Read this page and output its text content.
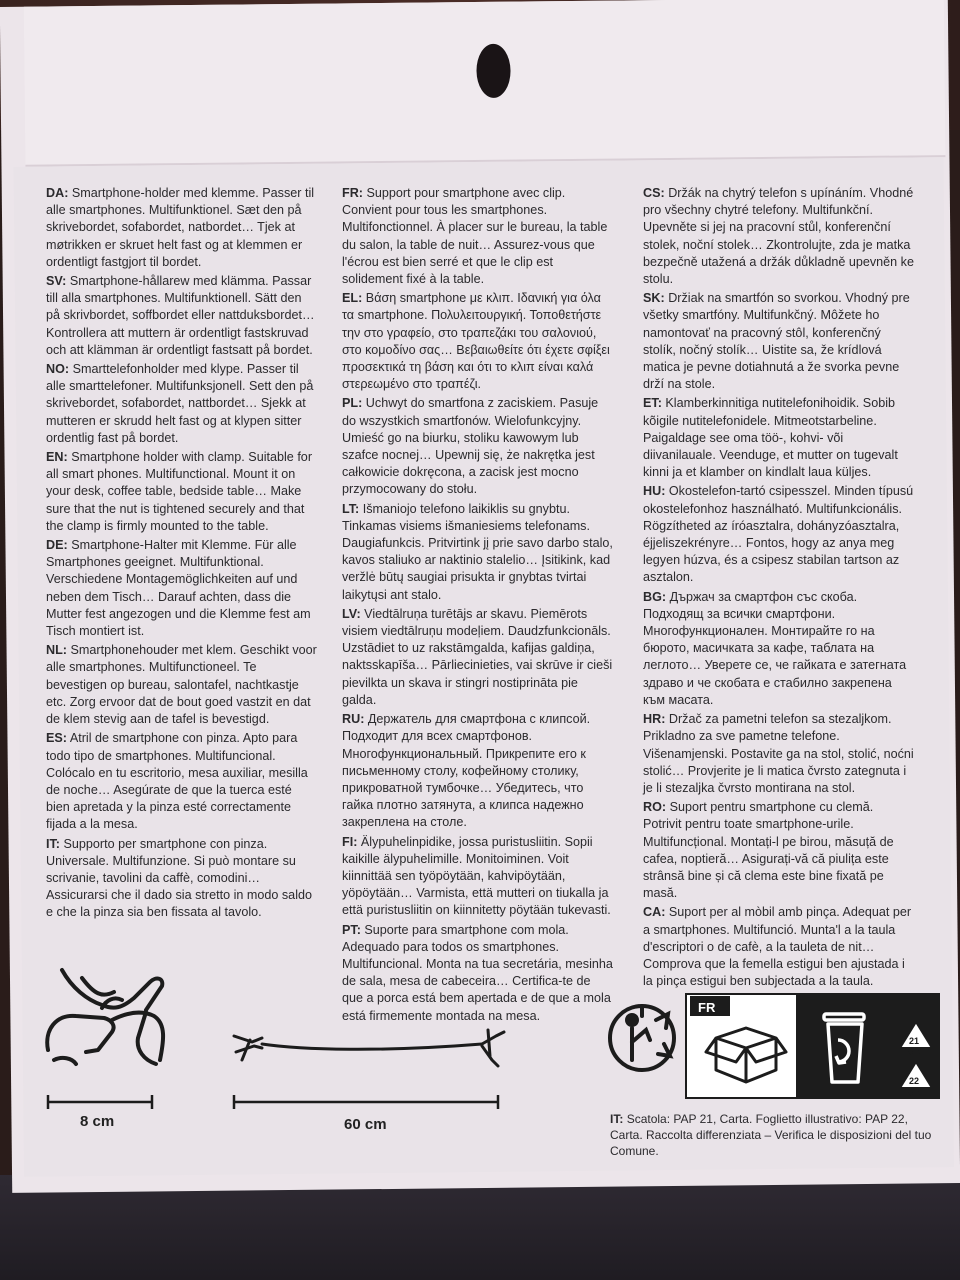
DA: Smartphone-holder med klemme. Passer til alle smartphones. Multifunktionel. Sæt den på skrivebordet, sofabordet, natbordet… Tjek at møtrikken er skruet helt fast og at klemmen er ordentligt fastgjort til bordet.

SV: Smartphone-hållarew med klämma. Passar till alla smartphones. Multifunktionell. Sätt den på skrivbordet, soffbordet eller nattduksbordet… Kontrollera att muttern är ordentligt fastskruvad och att klämman är ordentligt fastsatt på bordet.

NO: Smarttelefonholder med klype. Passer til alle smarttelefoner. Multifunksjonell. Sett den på skrivebordet, sofabordet, nattbordet… Sjekk at mutteren er skrudd helt fast og at klypen sitter ordentlig fast på bordet.

EN: Smartphone holder with clamp. Suitable for all smart phones. Multifunctional. Mount it on your desk, coffee table, bedside table… Make sure that the nut is tightened securely and that the clamp is firmly mounted to the table.

DE: Smartphone-Halter mit Klemme. Für alle Smartphones geeignet. Multifunktional. Verschiedene Montagemöglichkeiten auf und neben dem Tisch… Darauf achten, dass die Mutter fest angezogen und die Klemme fest am Tisch montiert ist.

NL: Smartphonehouder met klem. Geschikt voor alle smartphones. Multifunctioneel. Te bevestigen op bureau, salontafel, nachtkastje etc. Zorg ervoor dat de bout goed vastzit en dat de klem stevig aan de tafel is bevestigd.

ES: Atril de smartphone con pinza. Apto para todo tipo de smartphones. Multifuncional. Colócalo en tu escritorio, mesa auxiliar, mesilla de noche… Asegúrate de que la tuerca esté bien apretada y la pinza esté correctamente fijada a la mesa.

IT: Supporto per smartphone con pinza. Universale. Multifunzione. Si può montare su scrivanie, tavolini da caffè, comodini… Assicurarsi che il dado sia stretto in modo saldo e che la pinza sia ben fissata al tavolo.

FR: Support pour smartphone avec clip. Convient pour tous les smartphones. Multifonctionnel. À placer sur le bureau, la table du salon, la table de nuit… Assurez-vous que l'écrou est bien serré et que le clip est solidement fixé à la table.

EL: Βάση smartphone με κλιπ. Ιδανική για όλα τα smartphone. Πολυλειτουργική. Τοποθετήστε την στο γραφείο, στο τραπεζάκι του σαλονιού, στο κομοδίνο σας… Βεβαιωθείτε ότι έχετε σφίξει προσεκτικά τη βάση και ότι το κλιπ είναι καλά στερεωμένο στο τραπέζι.

PL: Uchwyt do smartfona z zaciskiem. Pasuje do wszystkich smartfonów. Wielofunkcyjny. Umieść go na biurku, stoliku kawowym lub szafce nocnej… Upewnij się, że nakrętka jest całkowicie dokręcona, a zacisk jest mocno przymocowany do stołu.

LT: Išmaniojo telefono laikiklis su gnybtu. Tinkamas visiems išmaniesiems telefonams. Daugiafunkcis. Pritvirtink jį prie savo darbo stalo, kavos staliuko ar naktinio stalelio… Įsitikink, kad veržlė būtų saugiai prisukta ir gnybtas tvirtai laikytųsi ant stalo.

LV: Viedtālruņa turētājs ar skavu. Piemērots visiem viedtālruņu modeļiem. Daudzfunkcionāls. Uzstādiet to uz rakstāmgalda, kafijas galdiņa, naktsskapīša… Pārliecinieties, vai skrūve ir cieši pievilkta un skava ir stingri nostiprināta pie galda.

RU: Держатель для смартфона с клипсой. Подходит для всех смартфонов. Многофункциональный. Прикрепите его к письменному столу, кофейному столику, прикроватной тумбочке… Убедитесь, что гайка плотно затянута, а клипса надежно закреплена на столе.

FI: Älypuhelinpidike, jossa puristusliitin. Sopii kaikille älypuhelimille. Monitoiminen. Voit kiinnittää sen työpöytään, kahvipöytään, yöpöytään… Varmista, että mutteri on tiukalla ja että puristusliitin on kiinnitetty pöytään tukevasti.

PT: Suporte para smartphone com mola. Adequado para todos os smartphones. Multifuncional. Monta na tua secretária, mesinha de sala, mesa de cabeceira… Certifica-te de que a porca está bem apertada e de que a mola está firmemente montada na mesa.

CS: Držák na chytrý telefon s upínáním. Vhodné pro všechny chytré telefony. Multifunkční. Upevněte si jej na pracovní stůl, konferenční stolek, noční stolek… Zkontrolujte, zda je matka bezpečně utažená a držák důkladně upevněn ke stolu.

SK: Držiak na smartfón so svorkou. Vhodný pre všetky smartfóny. Multifunkčný. Môžete ho namontovať na pracovný stôl, konferenčný stolík, nočný stolík… Uistite sa, že krídlová matica je pevne dotiahnutá a že svorka pevne drží na stole.

ET: Klamberkinnitiga nutitelefonihoidik. Sobib kõigile nutitelefonidele. Mitmeotstarbeline. Paigaldage see oma töö-, kohvi- või diivanilauale. Veenduge, et mutter on tugevalt kinni ja et klamber on kindlalt laua küljes.

HU: Okostelefon-tartó csipesszel. Minden típusú okostelefonhoz használható. Multifunkcionális. Rögzítheted az íróasztalra, dohányzóasztalra, éjjeliszekrényre… Fontos, hogy az anya meg legyen húzva, és a csipesz stabilan tartson az asztalon.

BG: Държач за смартфон със скоба. Подходящ за всички смартфони. Многофункционален. Монтирайте го на бюрото, масичката за кафе, таблата на леглото… Уверете се, че гайката е затегната здраво и че скобата е стабилно закрепена към масата.

HR: Držač za pametni telefon sa stezaljkom. Prikladno za sve pametne telefone. Višenamjenski. Postavite ga na stol, stolić, noćni stolić… Provjerite je li matica čvrsto zategnuta i je li stezaljka čvrsto montirana na stol.

RO: Suport pentru smartphone cu clemă. Potrivit pentru toate smartphone-urile. Multifuncțional. Montați-l pe birou, măsuță de cafea, noptieră… Asigurați-vă că piulița este strânsă bine și că clema este bine fixată pe masă.

CA: Suport per al mòbil amb pinça. Adequat per a smartphones. Multifunció. Munta'l a la taula d'escriptori o de cafè, a la tauleta de nit… Comprova que la femella estigui ben ajustada i la pinça estigui ben subjectada a la taula.

8 cm	60 cm
FR
21
PAP
22
PAP
IT: Scatola: PAP 21, Carta. Foglietto illustrativo: PAP 22, Carta. Raccolta differenziata – Verifica le disposizioni del tuo Comune.
